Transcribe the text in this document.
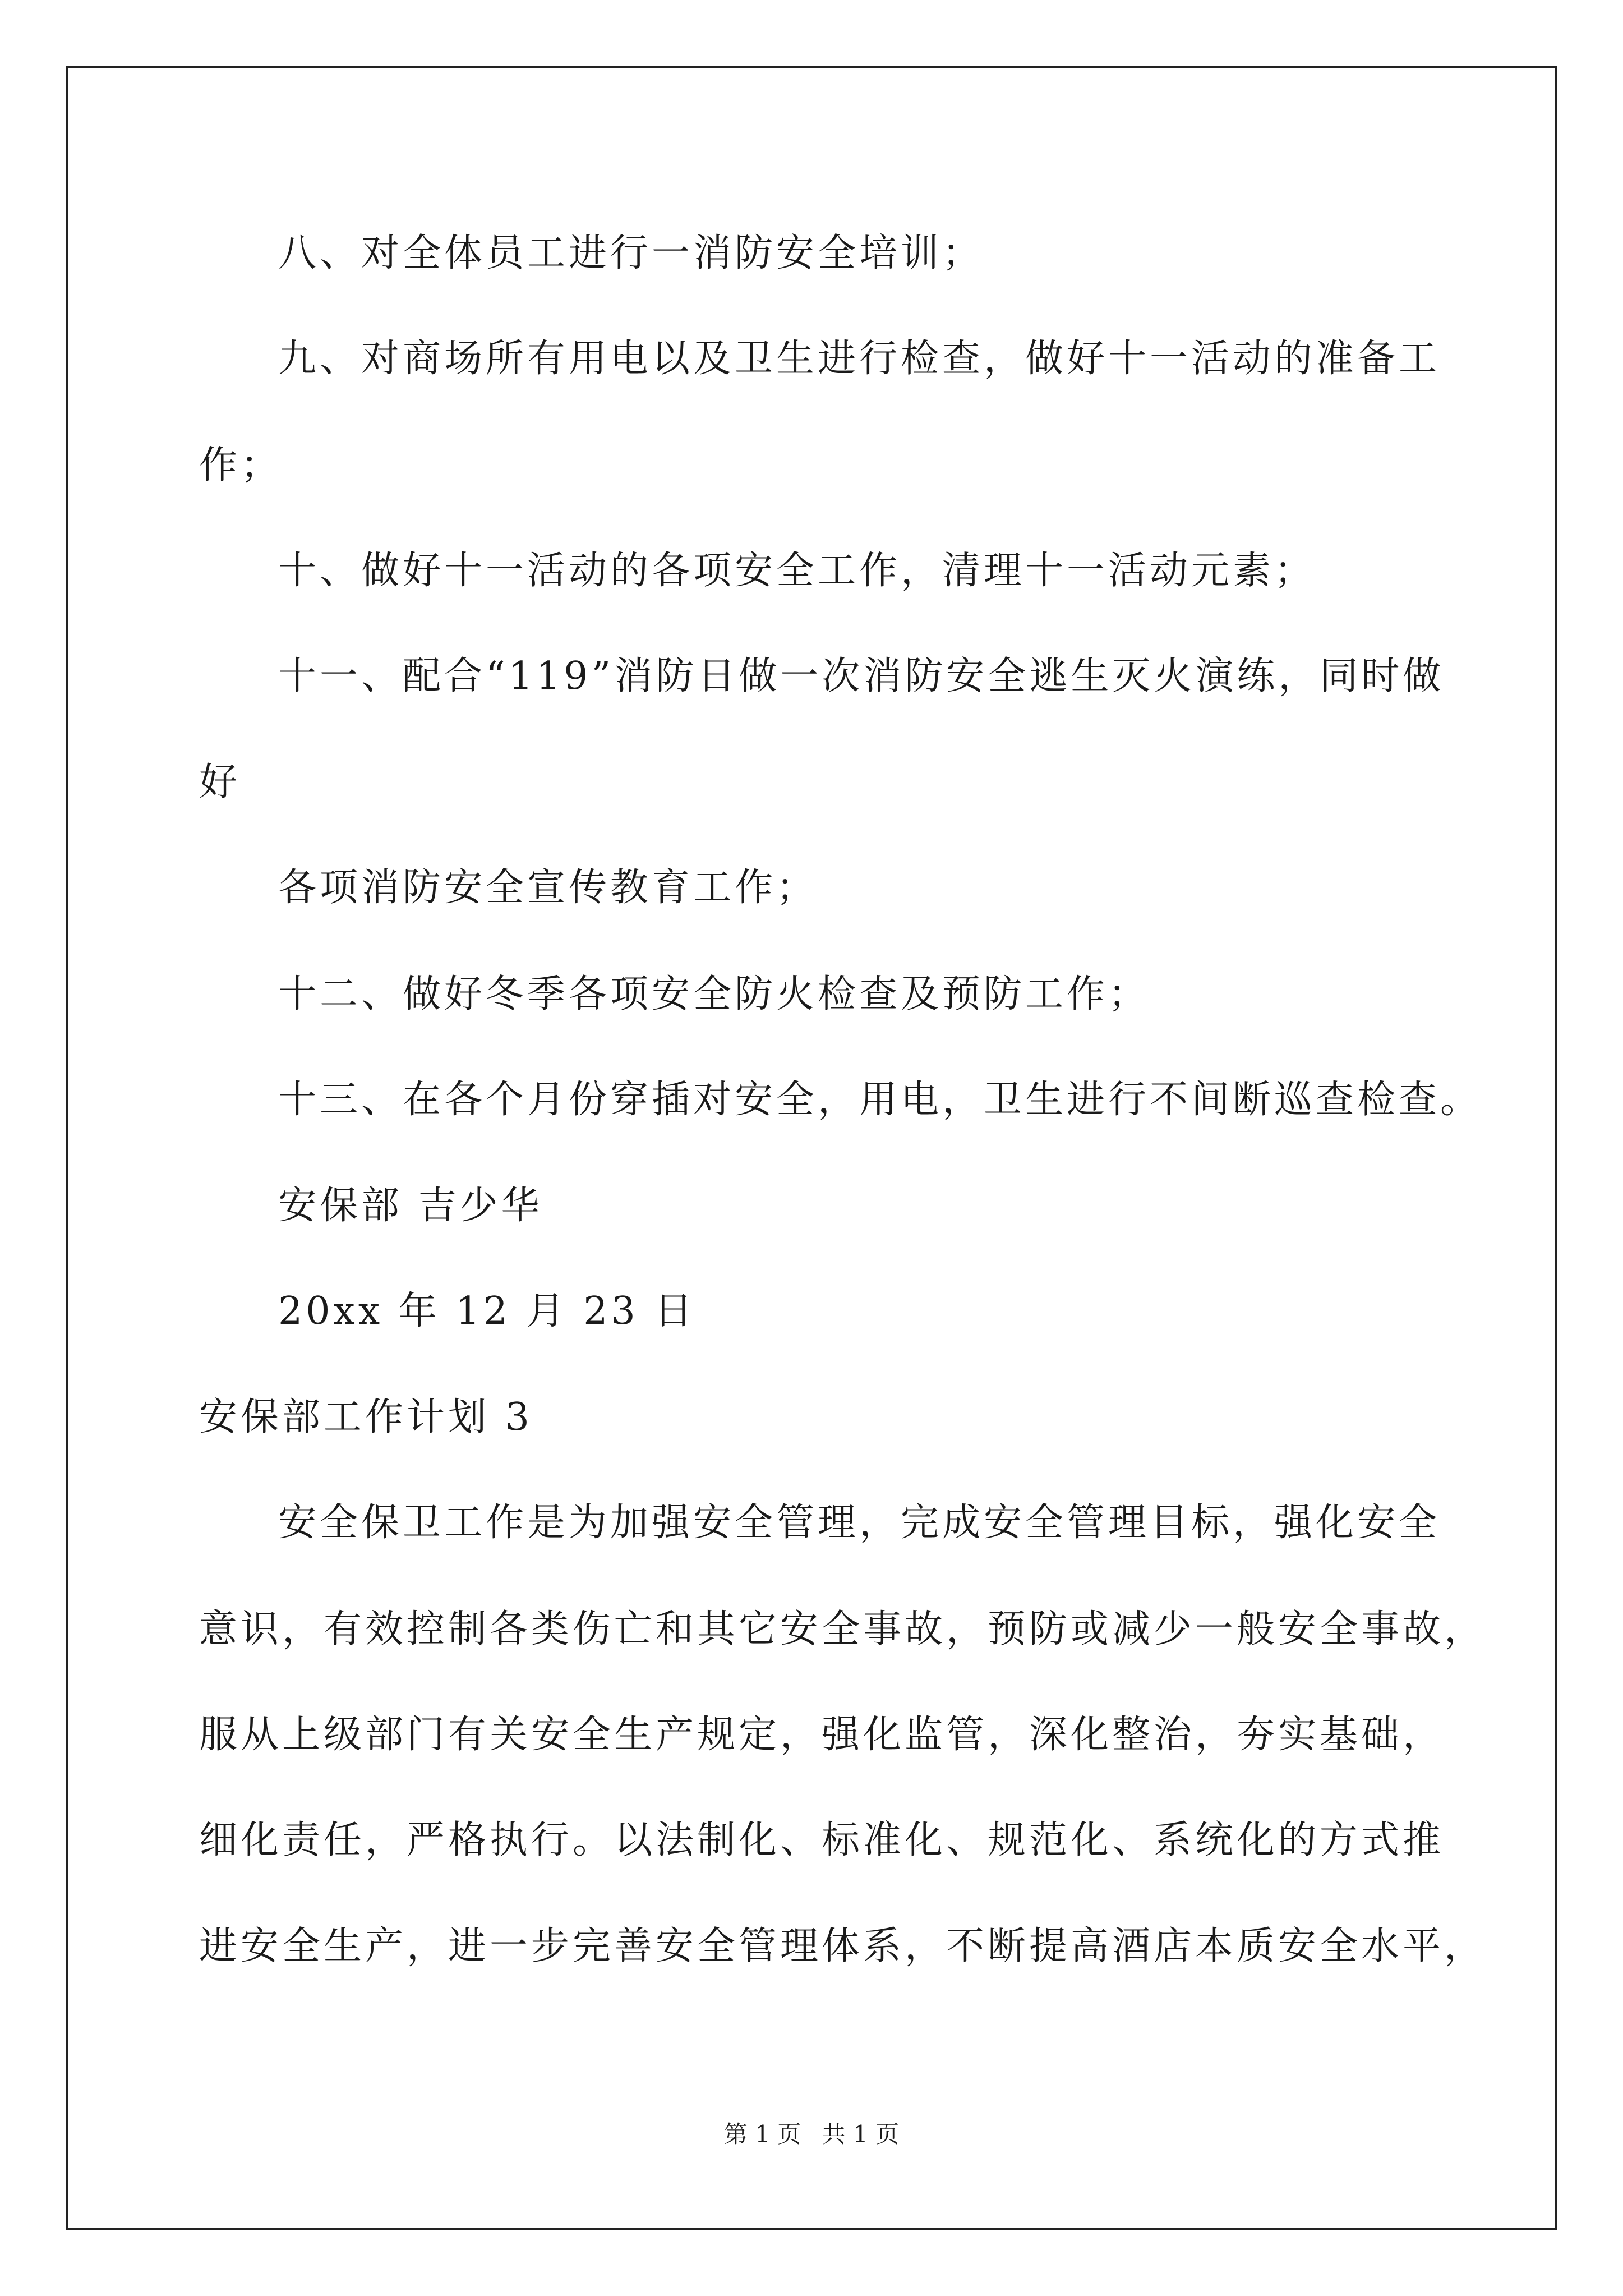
八、对全体员工进行一消防安全培训；
九、对商场所有用电以及卫生进行检查，做好十一活动的准备工
作；
十、做好十一活动的各项安全工作，清理十一活动元素；
十一、配合“119”消防日做一次消防安全逃生灭火演练，同时做
好
各项消防安全宣传教育工作；
十二、做好冬季各项安全防火检查及预防工作；
十三、在各个月份穿插对安全，用电，卫生进行不间断巡查检查。
安保部 吉少华
20xx 年 12 月 23 日
安保部工作计划 3
安全保卫工作是为加强安全管理，完成安全管理目标，强化安全
意识，有效控制各类伤亡和其它安全事故，预防或减少一般安全事故，
服从上级部门有关安全生产规定，强化监管，深化整治，夯实基础，
细化责任，严格执行。以法制化、标准化、规范化、系统化的方式推
进安全生产，进一步完善安全管理体系，不断提高酒店本质安全水平，
第 1 页 共 1 页
